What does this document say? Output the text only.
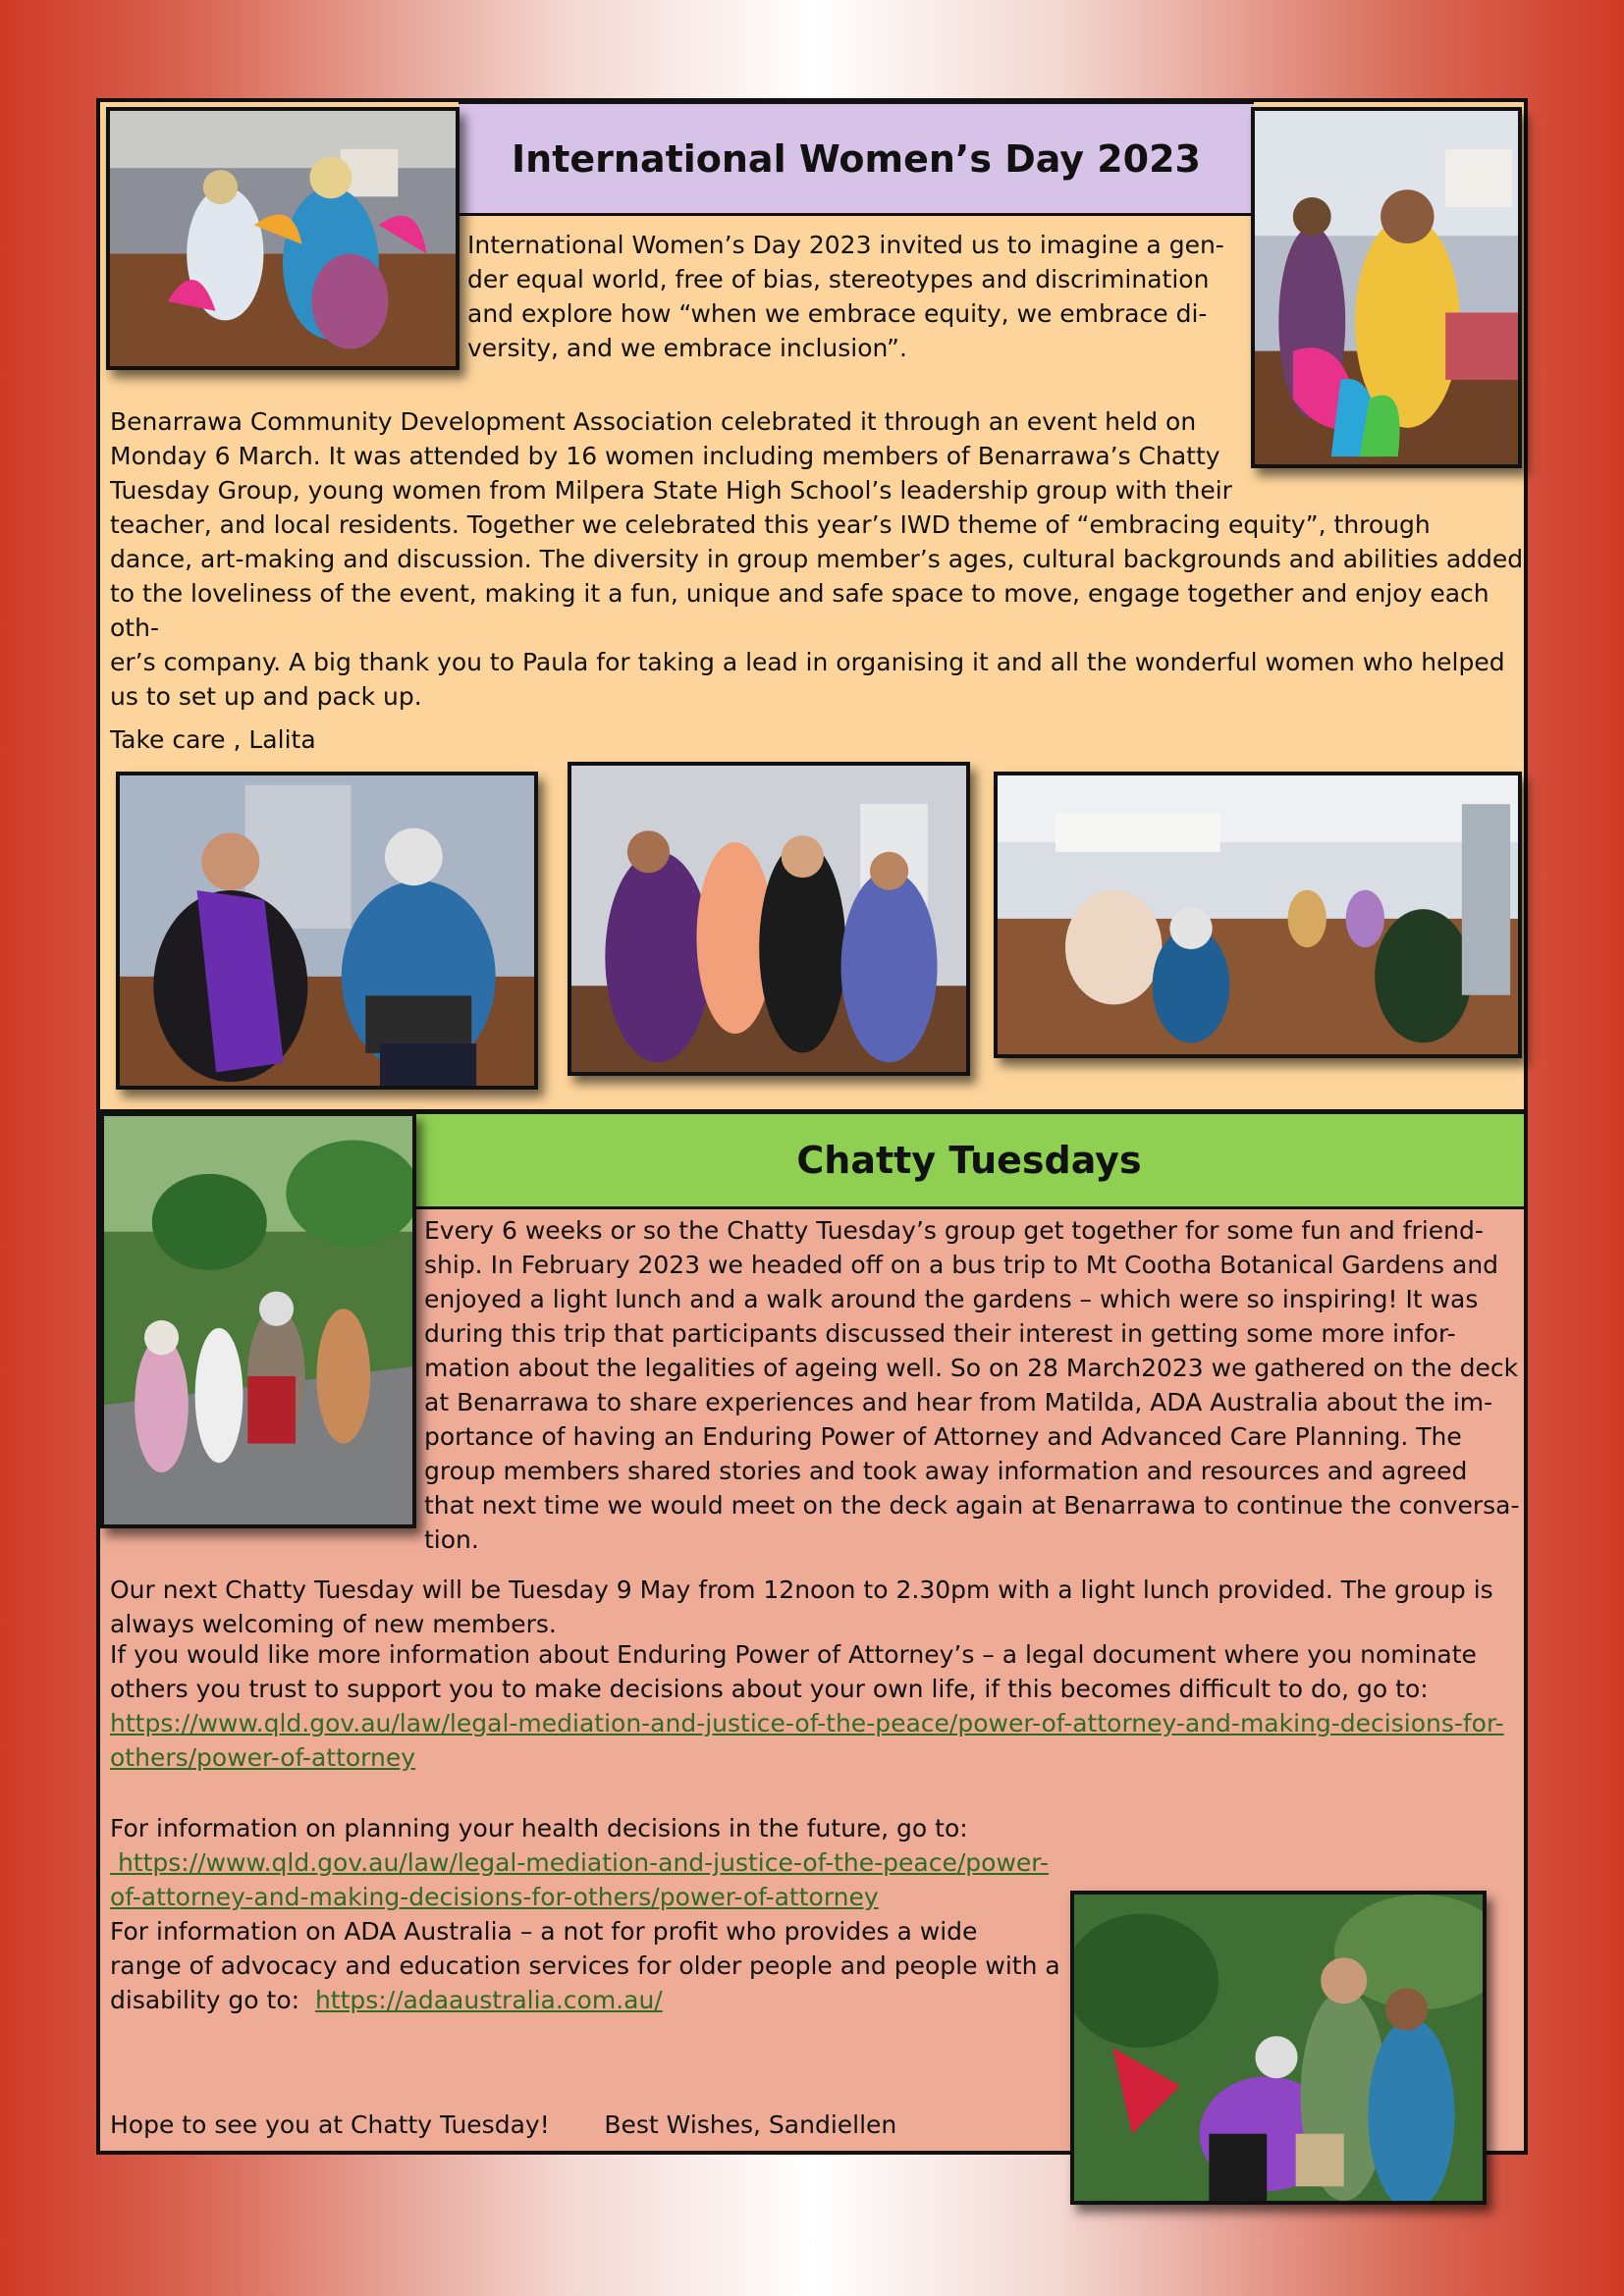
International Women’s Day 2023

International Women’s Day 2023 invited us to imagine a gen-

der equal world, free of bias, stereotypes and discrimination

and explore how “when we embrace equity, we embrace di-

versity, and we embrace inclusion”.

Benarrawa Community Development Association celebrated it through an event held on

Monday 6 March. It was attended by 16 women including members of Benarrawa’s Chatty

Tuesday Group, young women from Milpera State High School’s leadership group with their

teacher, and local residents. Together we celebrated this year’s IWD theme of “embracing equity”, through

dance, art-making and discussion. The diversity in group member’s ages, cultural backgrounds and abilities added

to the loveliness of the event, making it a fun, unique and safe space to move, engage together and enjoy each oth-

er’s company. A big thank you to Paula for taking a lead in organising it and all the wonderful women who helped

us to set up and pack up.

Take care , Lalita
Chatty Tuesdays

Every 6 weeks or so the Chatty Tuesday’s group get together for some fun and friend-

ship. In February 2023 we headed off on a bus trip to Mt Cootha Botanical Gardens and

enjoyed a light lunch and a walk around the gardens – which were so inspiring! It was

during this trip that participants discussed their interest in getting some more infor-

mation about the legalities of ageing well. So on 28 March2023 we gathered on the deck

at Benarrawa to share experiences and hear from Matilda, ADA Australia about the im-

portance of having an Enduring Power of Attorney and Advanced Care Planning. The

group members shared stories and took away information and resources and agreed

that next time we would meet on the deck again at Benarrawa to continue the conversa-

tion.

Our next Chatty Tuesday will be Tuesday 9 May from 12noon to 2.30pm with a light lunch provided. The group is

always welcoming of new members.

If you would like more information about Enduring Power of Attorney’s – a legal document where you nominate

others you trust to support you to make decisions about your own life, if this becomes difficult to do, go to:

https://www.qld.gov.au/law/legal-mediation-and-justice-of-the-peace/power-of-attorney-and-making-decisions-for-

others/power-of-attorney

For information on planning your health decisions in the future, go to:

https://www.qld.gov.au/law/legal-mediation-and-justice-of-the-peace/power-

of-attorney-and-making-decisions-for-others/power-of-attorney

For information on ADA Australia – a not for profit who provides a wide

range of advocacy and education services for older people and people with a

disability go to:  https://adaaustralia.com.au/

Hope to see you at Chatty Tuesday!       Best Wishes, Sandiellen
